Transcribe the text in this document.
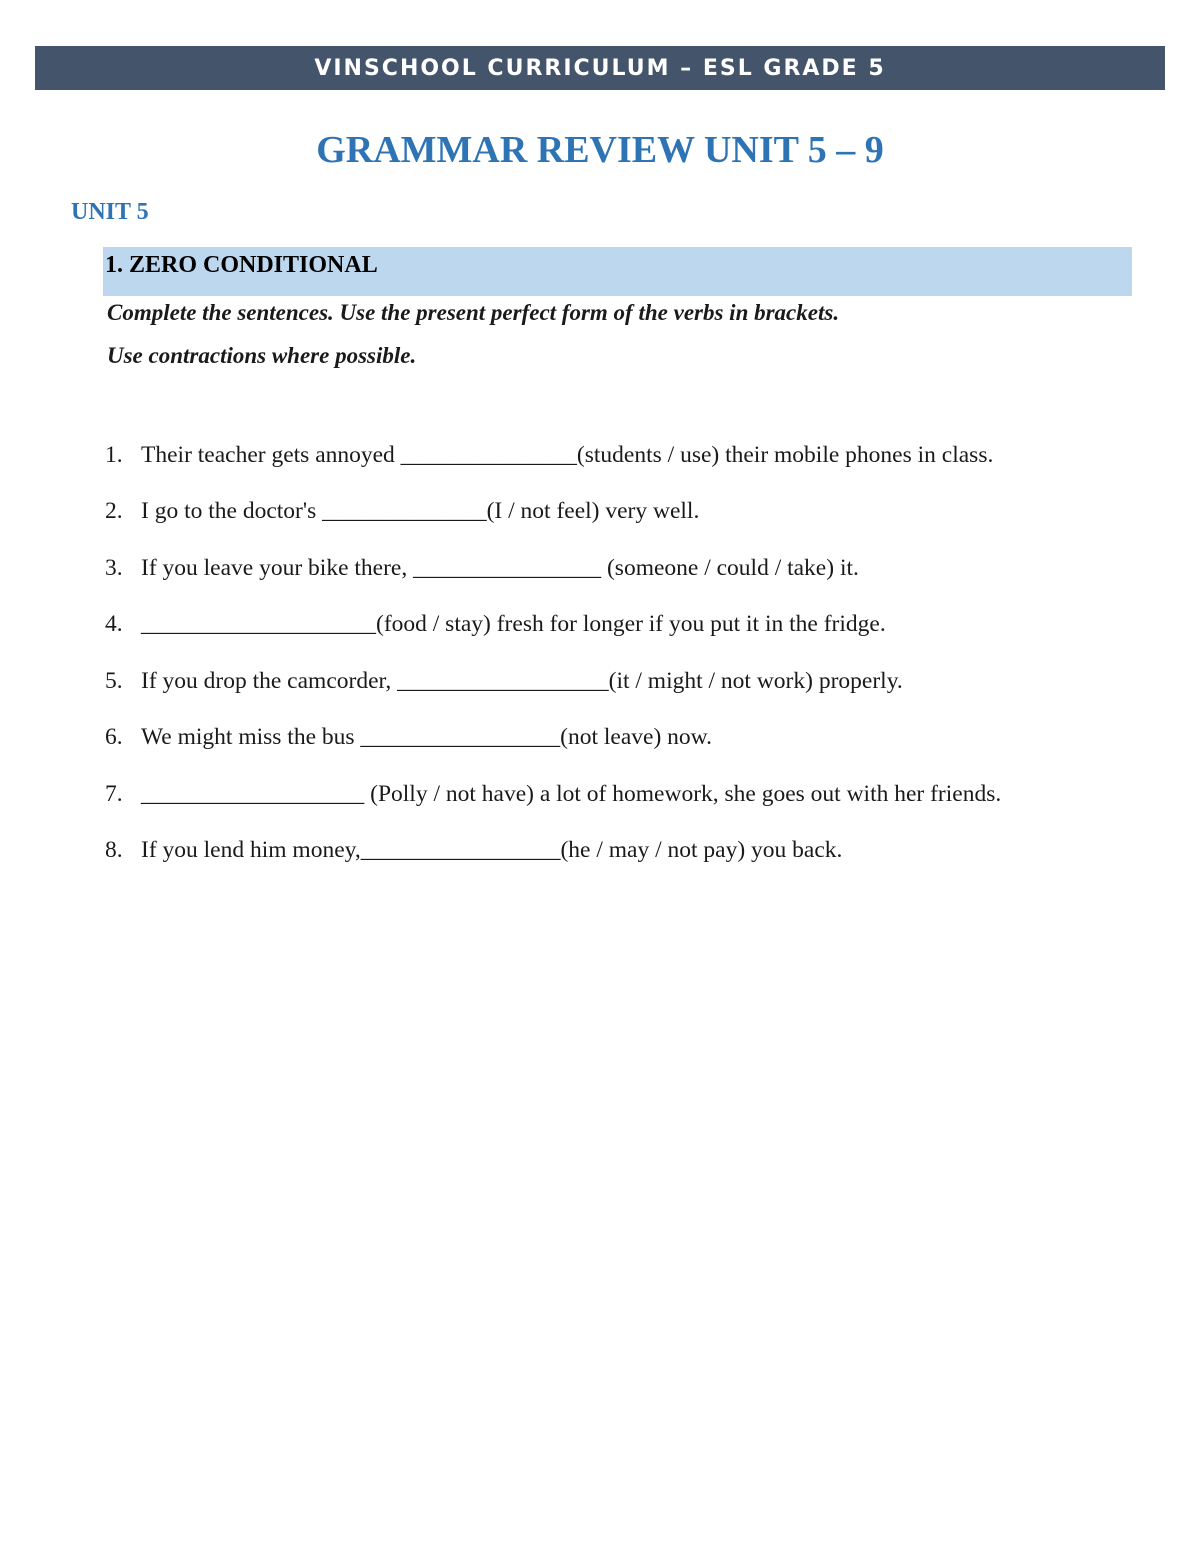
VINSCHOOL CURRICULUM – ESL GRADE 5
GRAMMAR REVIEW UNIT 5 – 9
UNIT 5
1. ZERO CONDITIONAL
Complete the sentences. Use the present perfect form of the verbs in brackets.
Use contractions where possible.
1. Their teacher gets annoyed _______________(students / use) their mobile phones in class.
2. I go to the doctor's ______________(I / not feel) very well.
3. If you leave your bike there, ________________ (someone / could / take) it.
4. ____________________(food / stay) fresh for longer if you put it in the fridge.
5. If you drop the camcorder, __________________(it / might / not work) properly.
6. We might miss the bus _________________(not leave) now.
7. ___________________ (Polly / not have) a lot of homework, she goes out with her friends.
8. If you lend him money,_________________(he / may / not pay) you back.
